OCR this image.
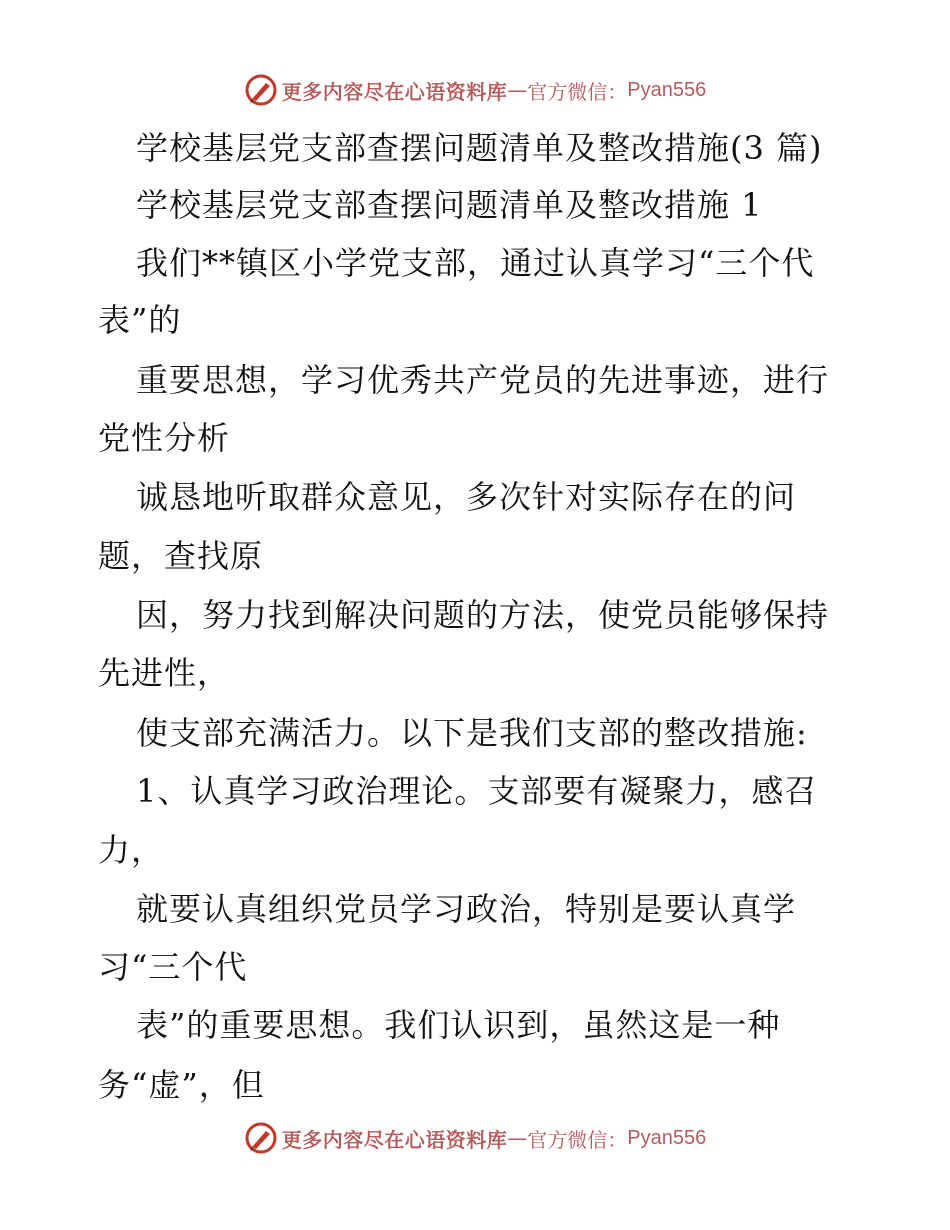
更多内容尽在心语资料库 — 官方微信： Pyan556
学校基层党支部查摆问题清单及整改措施(3 篇)
学校基层党支部查摆问题清单及整改措施 1
我们**镇区小学党支部，通过认真学习“三个代
表”的
重要思想，学习优秀共产党员的先进事迹，进行
党性分析
诚恳地听取群众意见，多次针对实际存在的问
题，查找原
因，努力找到解决问题的方法，使党员能够保持
先进性，
使支部充满活力。以下是我们支部的整改措施:
1、认真学习政治理论。支部要有凝聚力，感召
力，
就要认真组织党员学习政治，特别是要认真学
习“三个代
表”的重要思想。我们认识到，虽然这是一种
务“虚”，但
更多内容尽在心语资料库 — 官方微信： Pyan556
